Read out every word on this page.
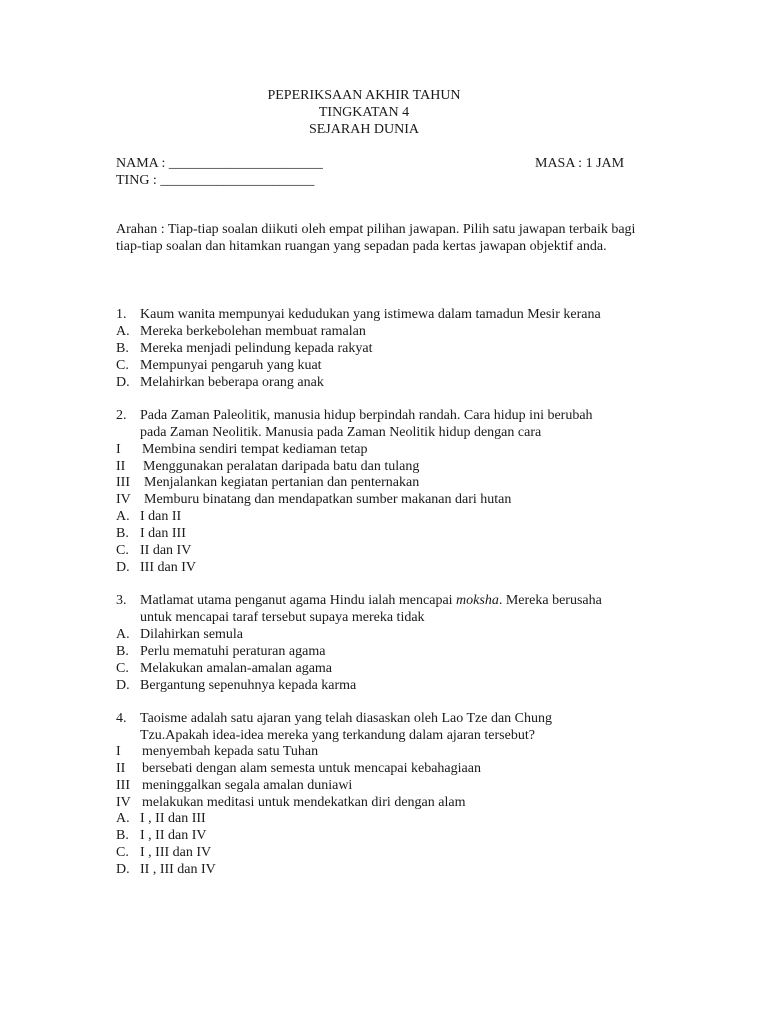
PEPERIKSAAN AKHIR TAHUN
TINGKATAN 4
SEJARAH DUNIA
NAMA : ______________________	MASA : 1 JAM
TING : ______________________
Arahan : Tiap-tiap soalan diikuti oleh empat pilihan jawapan. Pilih satu jawapan terbaik bagi tiap-tiap soalan dan hitamkan ruangan yang sepadan pada kertas jawapan objektif anda.
1. Kaum wanita mempunyai kedudukan yang istimewa dalam tamadun Mesir kerana
A. Mereka berkebolehan membuat ramalan
B. Mereka menjadi pelindung kepada rakyat
C. Mempunyai pengaruh yang kuat
D. Melahirkan beberapa orang anak
2. Pada Zaman Paleolitik, manusia hidup berpindah randah. Cara hidup ini berubah
pada Zaman Neolitik. Manusia pada Zaman Neolitik hidup dengan cara
I Membina sendiri tempat kediaman tetap
II Menggunakan peralatan daripada batu dan tulang
III Menjalankan kegiatan pertanian dan penternakan
IV Memburu binatang dan mendapatkan sumber makanan dari hutan
A. I dan II
B. I dan III
C. II dan IV
D. III dan IV
3. Matlamat utama penganut agama Hindu ialah mencapai moksha. Mereka berusaha
untuk mencapai taraf tersebut supaya mereka tidak
A. Dilahirkan semula
B. Perlu mematuhi peraturan agama
C. Melakukan amalan-amalan agama
D. Bergantung sepenuhnya kepada karma
4. Taoisme adalah satu ajaran yang telah diasaskan oleh Lao Tze dan Chung
Tzu.Apakah idea-idea mereka yang terkandung dalam ajaran tersebut?
I menyembah kepada satu Tuhan
II bersebati dengan alam semesta untuk mencapai kebahagiaan
III meninggalkan segala amalan duniawi
IV melakukan meditasi untuk mendekatkan diri dengan alam
A. I , II dan III
B. I , II dan IV
C. I , III dan IV
D. II , III dan IV
